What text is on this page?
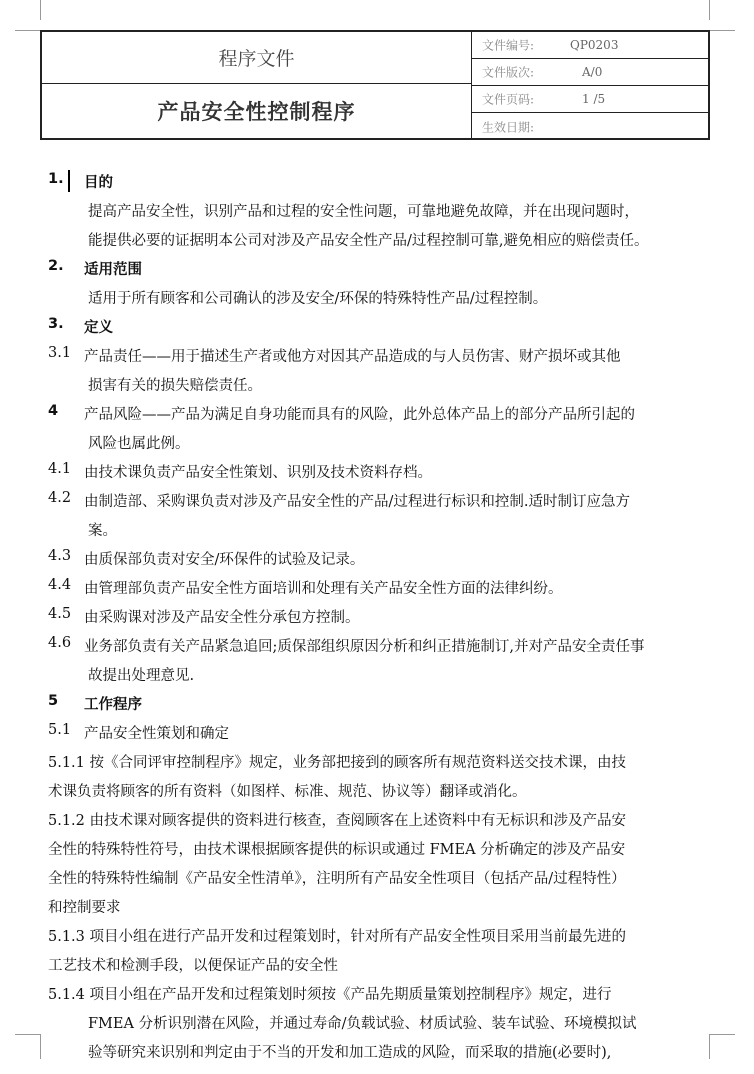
程序文件
产品安全性控制程序
文件编号:	QP0203
文件版次:	A/0
文件页码:	1 /5
生效日期:
1. 目的
提高产品安全性，识别产品和过程的安全性问题，可靠地避免故障，并在出现问题时，
能提供必要的证据明本公司对涉及产品安全性产品/过程控制可靠,避免相应的赔偿责任。
2. 适用范围
适用于所有顾客和公司确认的涉及安全/环保的特殊特性产品/过程控制。
3. 定义
3.1 产品责任——用于描述生产者或他方对因其产品造成的与人员伤害、财产损坏或其他
损害有关的损失赔偿责任。
4 产品风险——产品为满足自身功能而具有的风险，此外总体产品上的部分产品所引起的
风险也属此例。
4.1 由技术课负责产品安全性策划、识别及技术资料存档。
4.2 由制造部、采购课负责对涉及产品安全性的产品/过程进行标识和控制.适时制订应急方
案。
4.3 由质保部负责对安全/环保件的试验及记录。
4.4 由管理部负责产品安全性方面培训和处理有关产品安全性方面的法律纠纷。
4.5 由采购课对涉及产品安全性分承包方控制。
4.6 业务部负责有关产品紧急追回;质保部组织原因分析和纠正措施制订,并对产品安全责任事
故提出处理意见.
5 工作程序
5.1 产品安全性策划和确定
5.1.1 按《合同评审控制程序》规定，业务部把接到的顾客所有规范资料送交技术课，由技
术课负责将顾客的所有资料（如图样、标准、规范、协议等）翻译或消化。
5.1.2 由技术课对顾客提供的资料进行核查，查阅顾客在上述资料中有无标识和涉及产品安
全性的特殊特性符号，由技术课根据顾客提供的标识或通过 FMEA 分析确定的涉及产品安
全性的特殊特性编制《产品安全性清单》，注明所有产品安全性项目（包括产品/过程特性）
和控制要求
5.1.3 项目小组在进行产品开发和过程策划时，针对所有产品安全性项目采用当前最先进的
工艺技术和检测手段，以便保证产品的安全性
5.1.4 项目小组在产品开发和过程策划时须按《产品先期质量策划控制程序》规定，进行
FMEA 分析识别潜在风险，并通过寿命/负载试验、材质试验、装车试验、环境模拟试
验等研究来识别和判定由于不当的开发和加工造成的风险，而采取的措施(必要时),
